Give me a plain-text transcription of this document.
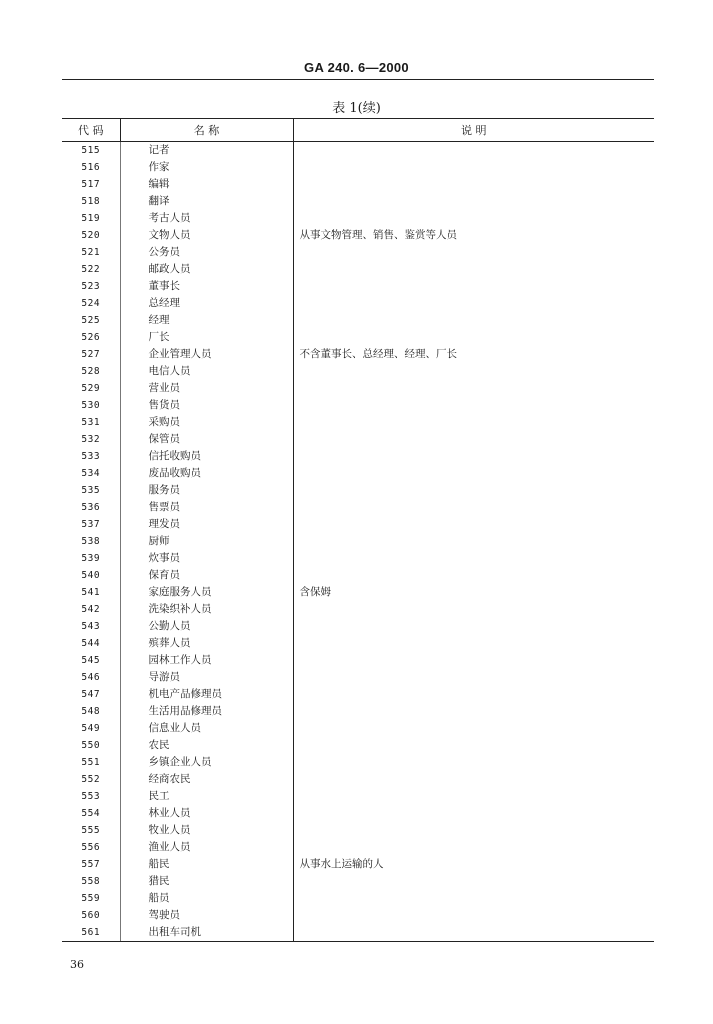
GA 240. 6—2000
表 1(续)
代 码	名 称	说 明
515	记者	
516	作家	
517	编辑	
518	翻译	
519	考古人员	
520	文物人员	从事文物管理、销售、鉴赏等人员
521	公务员	
522	邮政人员	
523	董事长	
524	总经理	
525	经理	
526	厂长	
527	企业管理人员	不含董事长、总经理、经理、厂长
528	电信人员	
529	营业员	
530	售货员	
531	采购员	
532	保管员	
533	信托收购员	
534	废品收购员	
535	服务员	
536	售票员	
537	理发员	
538	厨师	
539	炊事员	
540	保育员	
541	家庭服务人员	含保姆
542	洗染织补人员	
543	公勤人员	
544	殡葬人员	
545	园林工作人员	
546	导游员	
547	机电产品修理员	
548	生活用品修理员	
549	信息业人员	
550	农民	
551	乡镇企业人员	
552	经商农民	
553	民工	
554	林业人员	
555	牧业人员	
556	渔业人员	
557	船民	从事水上运输的人
558	猎民	
559	船员	
560	驾驶员	
561	出租车司机	
36
